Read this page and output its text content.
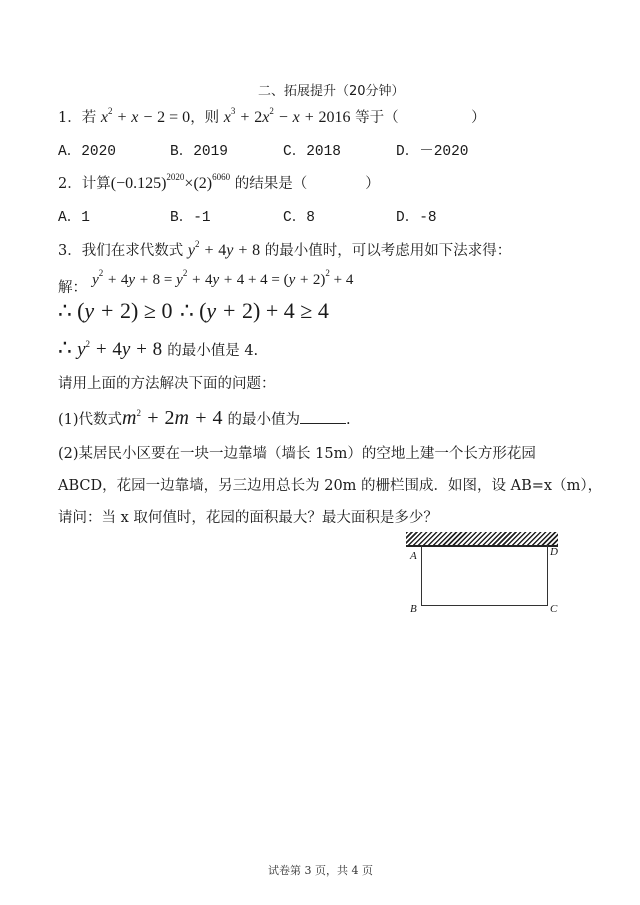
二、拓展提升（20分钟）
1．若 $x^2 + x - 2 = 0$，则 $x^3 + 2x^2 - x + 2016$ 等于（　　　　　）
A．2020	B．2019	C．2018	D．－2020
2．计算$(-0.125)^{2020}\times(2)^{6060}$ 的结果是（　　　　）
A．1	B．-1	C．8	D．-8
3．我们在求代数式 $y^2 + 4y + 8$ 的最小值时，可以考虑用如下法求得：
解： $y^2 + 4y + 8 = y^2 + 4y + 4 + 4 = (y + 2)^2 + 4$
∴ (y + 2) ≥ 0 ∴ (y + 2) + 4 ≥ 4
∴ $y^2 + 4y + 8$ 的最小值是 4.
请用上面的方法解决下面的问题：
(1)代数式$m^2 + 2m + 4$ 的最小值为	.
(2)某居民小区要在一块一边靠墙（墙长 15m）的空地上建一个长方形花园
ABCD，花园一边靠墙，另三边用总长为 20m 的栅栏围成．如图，设 AB=x（m），
请问：当 x 取何值时，花园的面积最大？最大面积是多少？
A	D
B	C
试卷第 3 页，共 4 页
